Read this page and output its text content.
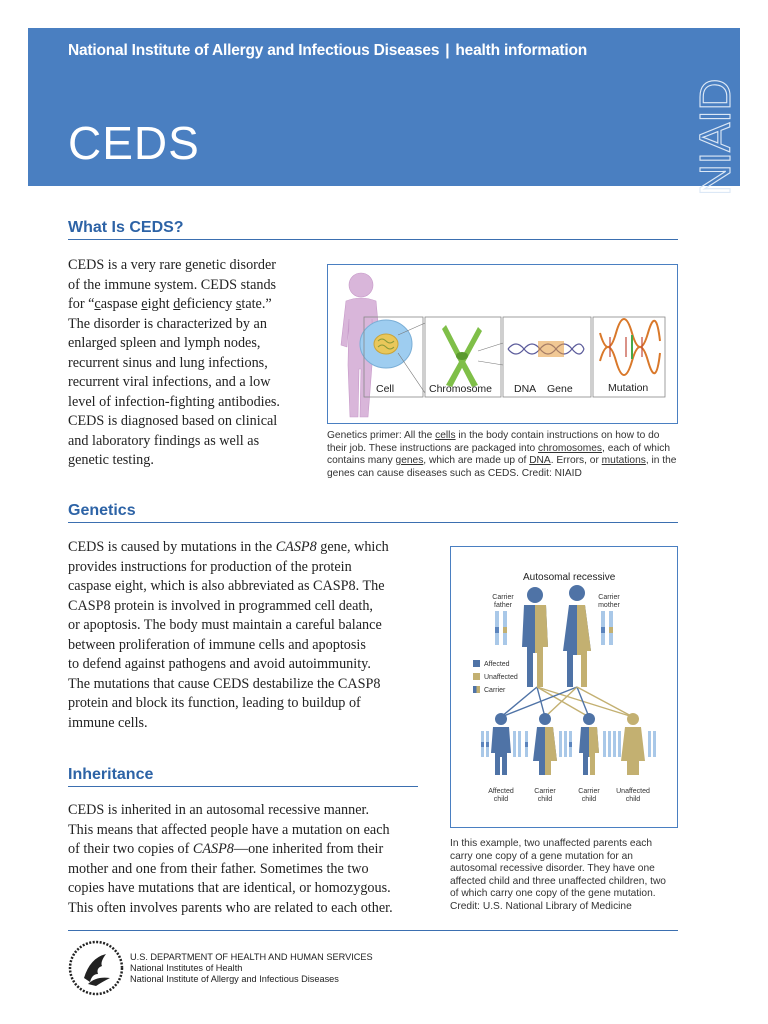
National Institute of Allergy and Infectious Diseases | health information
CEDS	NIAID
What Is CEDS?
CEDS is a very rare genetic disorder
of the immune system. CEDS stands
for “caspase eight deficiency state.”
The disorder is characterized by an
enlarged spleen and lymph nodes,
recurrent sinus and lung infections,
recurrent viral infections, and a low
level of infection-fighting antibodies.
CEDS is diagnosed based on clinical
and laboratory findings as well as
genetic testing.
Cell	Chromosome DNA Gene	Mutation
Genetics primer: All the cells in the body contain instructions on how to do
their job. These instructions are packaged into chromosomes, each of which
contains many genes, which are made up of DNA. Errors, or mutations, in the
genes can cause diseases such as CEDS. Credit: NIAID
Genetics
CEDS is caused by mutations in the CASP8 gene, which
provides instructions for production of the protein
caspase eight, which is also abbreviated as CASP8. The
CASP8 protein is involved in programmed cell death,
or apoptosis. The body must maintain a careful balance
between proliferation of immune cells and apoptosis
to defend against pathogens and avoid autoimmunity.
The mutations that cause CEDS destabilize the CASP8
protein and block its function, leading to buildup of
immune cells.
Inheritance
CEDS is inherited in an autosomal recessive manner.
This means that affected people have a mutation on each
of their two copies of CASP8—one inherited from their
mother and one from their father. Sometimes the two
copies have mutations that are identical, or homozygous.
This often involves parents who are related to each other.
Autosomal recessive
Carrier
father
Carrier
mother
Affected
Unaffected
Carrier
Affected
child
Carrier
child
Carrier
child
Unaffected
child
In this example, two unaffected parents each
carry one copy of a gene mutation for an
autosomal recessive disorder. They have one
affected child and three unaffected children, two
of which carry one copy of the gene mutation.
Credit: U.S. National Library of Medicine
U.S. DEPARTMENT OF HEALTH AND HUMAN SERVICES
National Institutes of Health
National Institute of Allergy and Infectious Diseases
